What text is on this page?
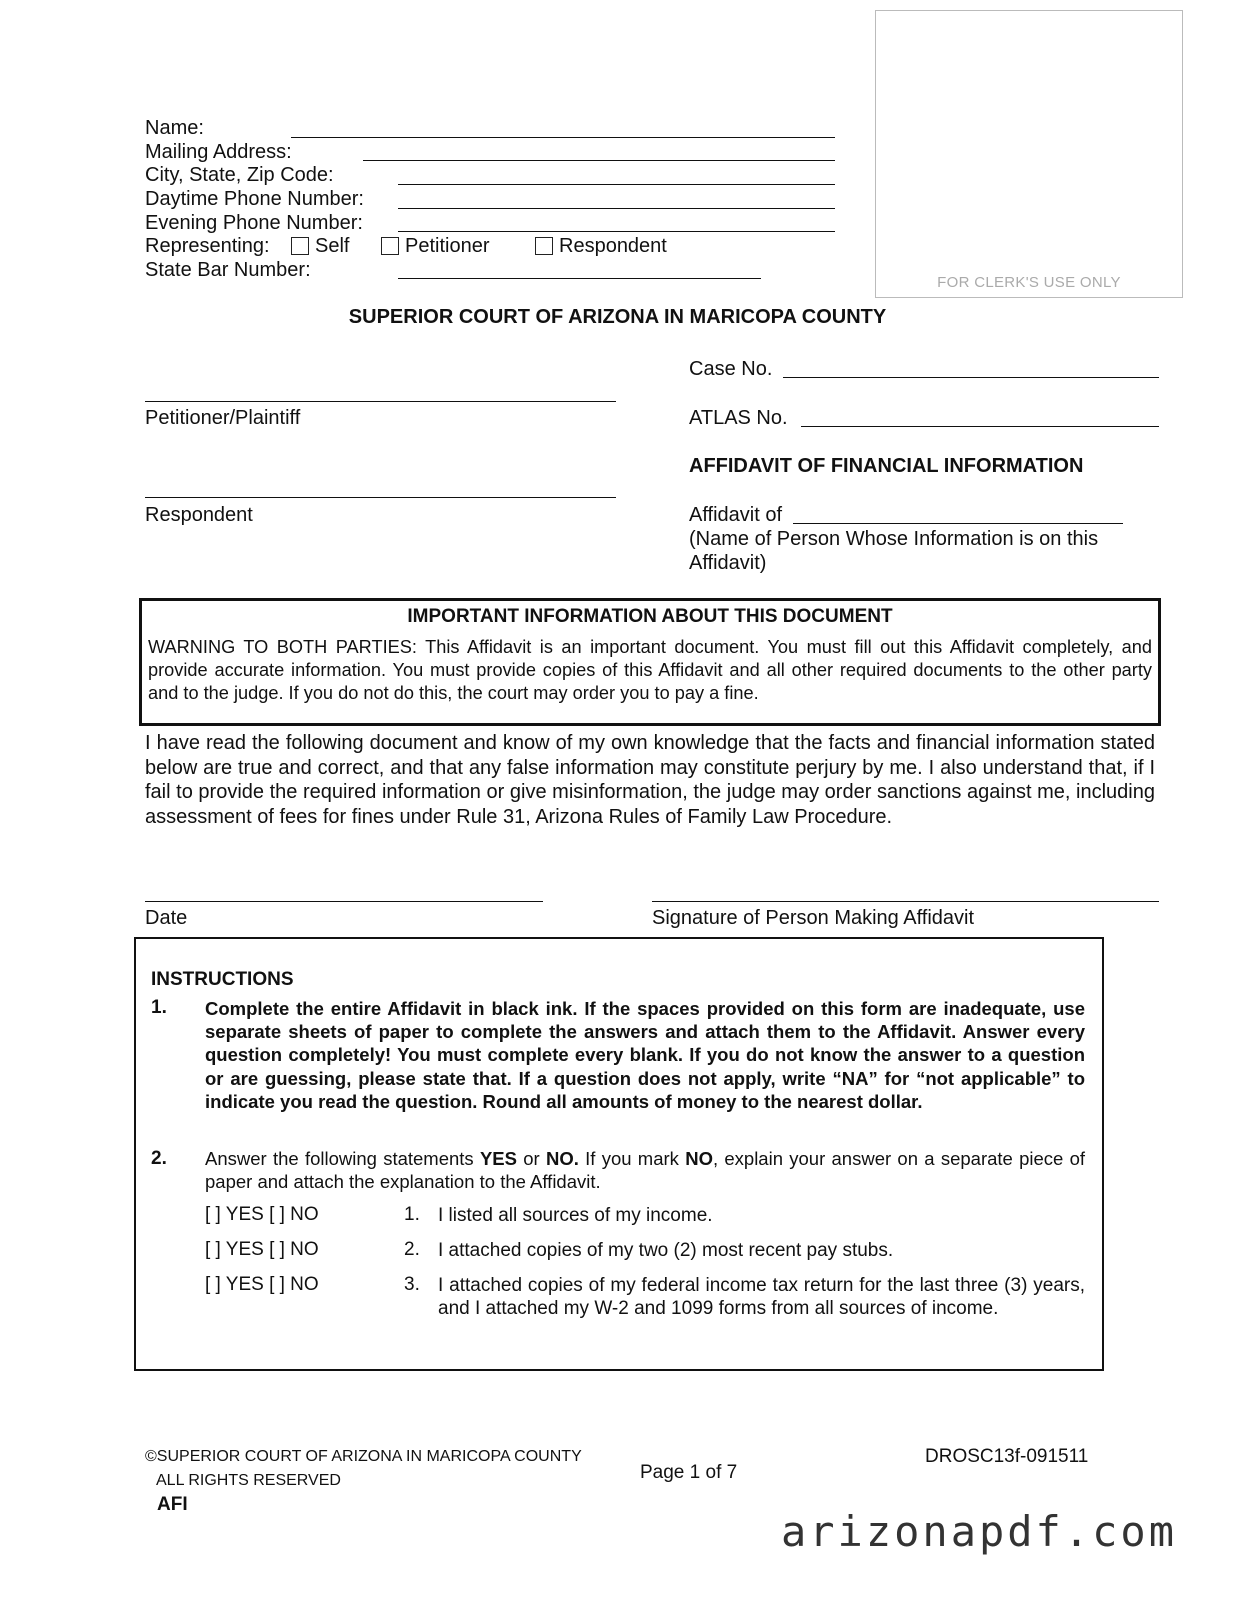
Name:
Mailing Address:
City, State, Zip Code:
Daytime Phone Number:
Evening Phone Number:
Representing:	Self	Petitioner	Respondent
State Bar Number:
FOR CLERK'S USE ONLY
SUPERIOR COURT OF ARIZONA IN MARICOPA COUNTY
Petitioner/Plaintiff
Respondent
Case No.
ATLAS No.
AFFIDAVIT OF FINANCIAL INFORMATION
Affidavit of
(Name of Person Whose Information is on this
Affidavit)
IMPORTANT INFORMATION ABOUT THIS DOCUMENT
WARNING TO BOTH PARTIES: This Affidavit is an important document. You must fill out this Affidavit completely, and provide accurate information. You must provide copies of this Affidavit and all other required documents to the other party and to the judge. If you do not do this, the court may order you to pay a fine.
I have read the following document and know of my own knowledge that the facts and financial information stated below are true and correct, and that any false information may constitute perjury by me. I also understand that, if I fail to provide the required information or give misinformation, the judge may order sanctions against me, including assessment of fees for fines under Rule 31, Arizona Rules of Family Law Procedure.
Date	Signature of Person Making Affidavit
INSTRUCTIONS
1. Complete the entire Affidavit in black ink. If the spaces provided on this form are inadequate, use separate sheets of paper to complete the answers and attach them to the Affidavit. Answer every question completely! You must complete every blank. If you do not know the answer to a question or are guessing, please state that. If a question does not apply, write “NA” for “not applicable” to indicate you read the question. Round all amounts of money to the nearest dollar.
2. Answer the following statements YES or NO. If you mark NO, explain your answer on a separate piece of paper and attach the explanation to the Affidavit.
[ ] YES [ ] NO	1. I listed all sources of my income.
[ ] YES [ ] NO	2. I attached copies of my two (2) most recent pay stubs.
[ ] YES [ ] NO	3. I attached copies of my federal income tax return for the last three (3) years, and I attached my W-2 and 1099 forms from all sources of income.
©SUPERIOR COURT OF ARIZONA IN MARICOPA COUNTY
ALL RIGHTS RESERVED
AFI
Page 1 of 7
DROSC13f-091511
arizonapdf.com
